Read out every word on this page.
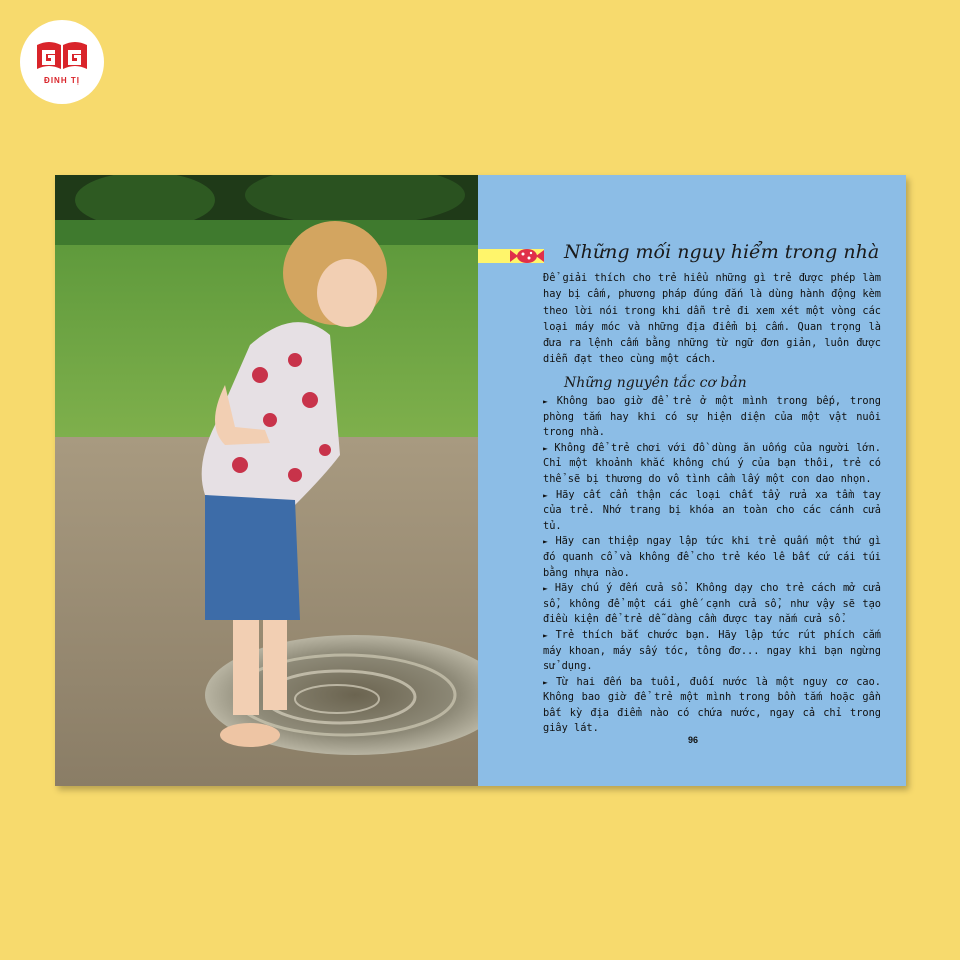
ĐINH TỊ
Những mối nguy hiểm trong nhà

Để giải thích cho trẻ hiểu những gì trẻ được phép làm hay bị cấm, phương pháp đúng đắn là dùng hành động kèm theo lời nói trong khi dẫn trẻ đi xem xét một vòng các loại máy móc và những địa điểm bị cấm. Quan trọng là đưa ra lệnh cấm bằng những từ ngữ đơn giản, luôn được diễn đạt theo cùng một cách.

Những nguyên tắc cơ bản

► Không bao giờ để trẻ ở một mình trong bếp, trong phòng tắm hay khi có sự hiện diện của một vật nuôi trong nhà.

► Không để trẻ chơi với đồ dùng ăn uống của người lớn. Chỉ một khoảnh khắc không chú ý của bạn thôi, trẻ có thể sẽ bị thương do vô tình cầm lấy một con dao nhọn.

► Hãy cất cẩn thận các loại chất tẩy rửa xa tầm tay của trẻ. Nhớ trang bị khóa an toàn cho các cánh cửa tủ.

► Hãy can thiệp ngay lập tức khi trẻ quấn một thứ gì đó quanh cổ và không để cho trẻ kéo lê bất cứ cái túi bằng nhựa nào.

► Hãy chú ý đến cửa sổ. Không dạy cho trẻ cách mở cửa sổ, không để một cái ghế cạnh cửa sổ, như vậy sẽ tạo điều kiện để trẻ dễ dàng cầm được tay nắm cửa sổ.

► Trẻ thích bắt chước bạn. Hãy lập tức rút phích cắm máy khoan, máy sấy tóc, tông đơ... ngay khi bạn ngừng sử dụng.

► Từ hai đến ba tuổi, đuối nước là một nguy cơ cao. Không bao giờ để trẻ một mình trong bồn tắm hoặc gần bất kỳ địa điểm nào có chứa nước, ngay cả chỉ trong giây lát.

96
